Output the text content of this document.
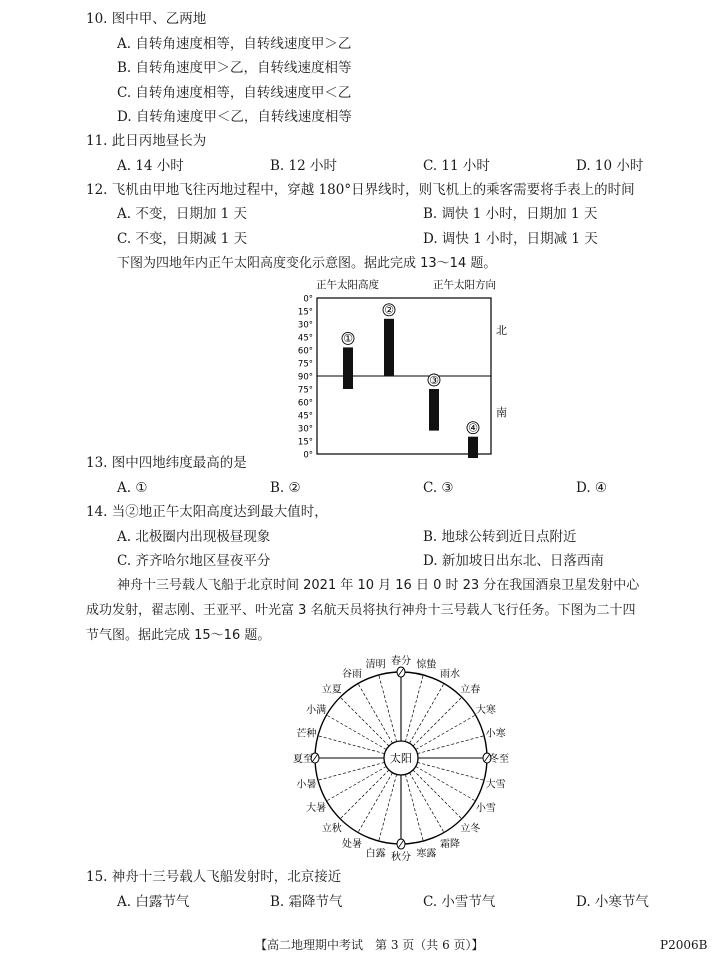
10. 图中甲、乙两地
A. 自转角速度相等，自转线速度甲＞乙
B. 自转角速度甲＞乙，自转线速度相等
C. 自转角速度相等，自转线速度甲＜乙
D. 自转角速度甲＜乙，自转线速度相等
11. 此日丙地昼长为
A. 14 小时	B. 12 小时	C. 11 小时	D. 10 小时
12. 飞机由甲地飞往丙地过程中，穿越 180°日界线时，则飞机上的乘客需要将手表上的时间
A. 不变，日期加 1 天	B. 调快 1 小时，日期加 1 天
C. 不变，日期减 1 天	D. 调快 1 小时，日期减 1 天
下图为四地年内正午太阳高度变化示意图。据此完成 13～14 题。
正午太阳高度	正午太阳方向
0°
15°
30°
45°
60°
75°
90°
75°
60°
45°
30°
15°
0°
①
②
③
④
北
南
13. 图中四地纬度最高的是
A. ①	B. ②	C. ③	D. ④
14. 当②地正午太阳高度达到最大值时，
A. 北极圈内出现极昼现象	B. 地球公转到近日点附近
C. 齐齐哈尔地区昼夜平分	D. 新加坡日出东北、日落西南
神舟十三号载人飞船于北京时间 2021 年 10 月 16 日 0 时 23 分在我国酒泉卫星发射中心
成功发射，翟志刚、王亚平、叶光富 3 名航天员将执行神舟十三号载人飞行任务。下图为二十四
节气图。据此完成 15～16 题。
太阳
春分 惊蛰
雨水
立春
大寒
小寒
冬至
大雪
小雪
立冬
霜降
寒露
秋分
白露
处暑
立秋
大暑
小暑
夏至
芒种
小满
立夏
谷雨
清明
15. 神舟十三号载人飞船发射时，北京接近
A. 白露节气	B. 霜降节气	C. 小雪节气	D. 小寒节气
【高二地理期中考试　第 3 页（共 6 页）】	P2006B
